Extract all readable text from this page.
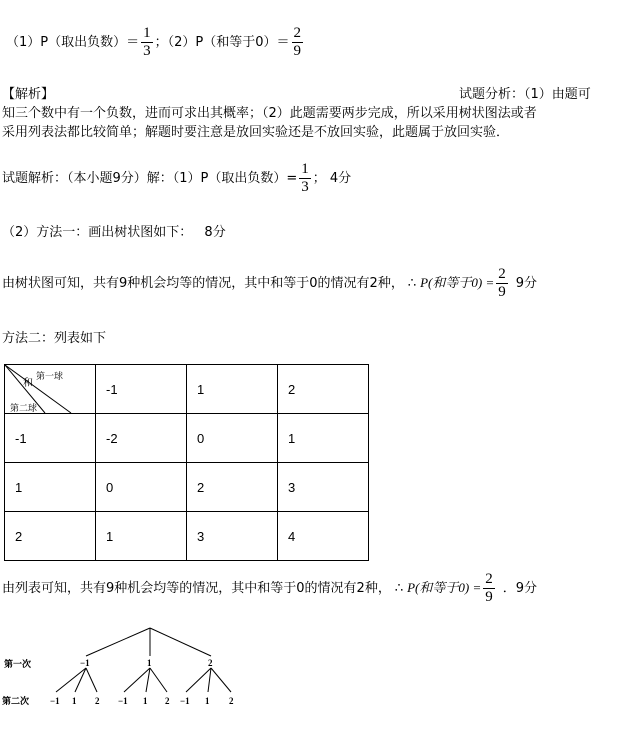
（1）P（取出负数）＝ $\frac{1}{3}$ ；（2）P（和等于$0)= \frac{2}{9}$
【解析】	试题分析：（1）由题可
知三个数中有一个负数，进而可求出其概率；（2）此题需要两步完成，所以采用树状图法或者
采用列表法都比较简单；解题时要注意是放回实验还是不放回实验，此题属于放回实验．
试题解析：（本小题9分）解：（1）P（取出负数）= $\frac{1}{3}$ ； 4分
（2）方法一：画出树状图如下： 8分
由树状图可知，共有9种机会均等的情况，其中和等于0的情况有2种， ∴ P(和等于$0) = \frac{2}{9} 9$分
方法二：列表如下
第一球
和
第二球	-1	1	2
-1	-2	0	1
1	0	2	3
2	1	3	4
由列表可知，共有9种机会均等的情况，其中和等于0的情况有2种， ∴ P(和等于$0) = \frac{2}{9}$ ．9分
第一次
第二次
−1	1	2
−1 1 2 −1 1 2 −1 1 2
